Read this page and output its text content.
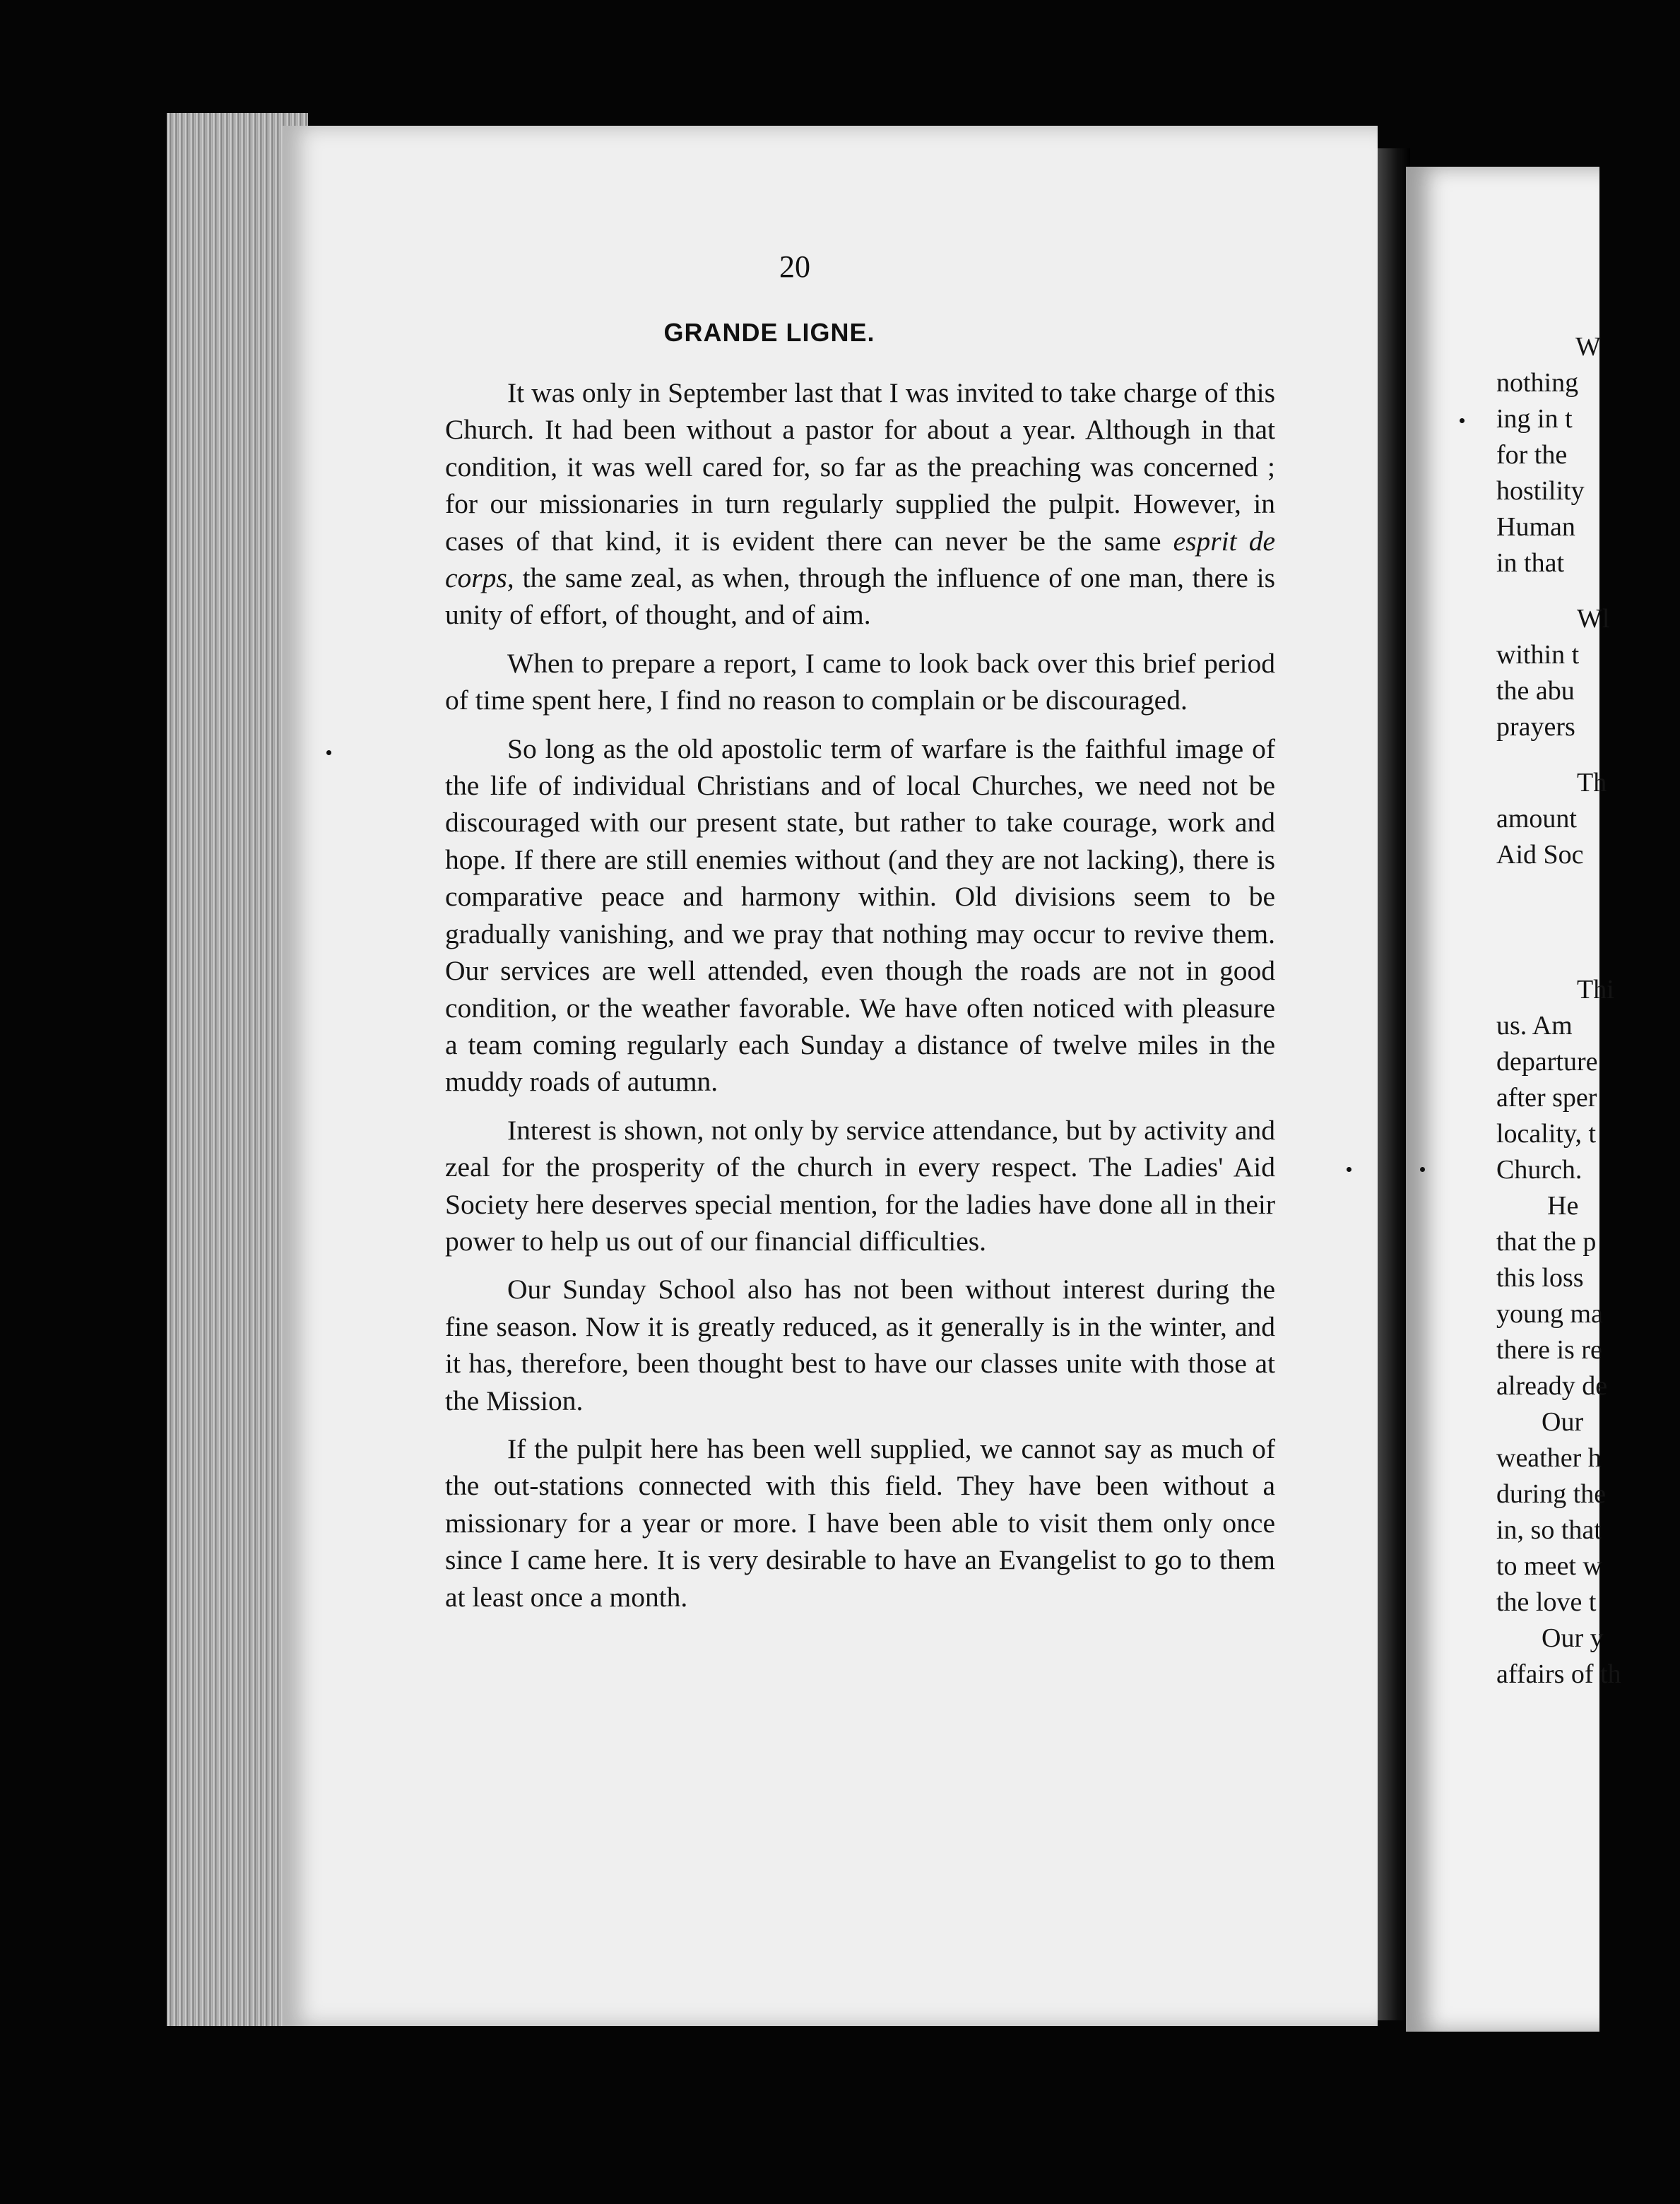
20
GRANDE LIGNE.

It was only in September last that I was invited to take charge of this Church. It had been without a pastor for about a year. Although in that condition, it was well cared for, so far as the preaching was concerned ; for our missionaries in turn regularly supplied the pulpit. However, in cases of that kind, it is evident there can never be the same esprit de corps, the same zeal, as when, through the influence of one man, there is unity of effort, of thought, and of aim.

When to prepare a report, I came to look back over this brief period of time spent here, I find no reason to complain or be discouraged.

So long as the old apostolic term of warfare is the faithful image of the life of individual Christians and of local Churches, we need not be discouraged with our present state, but rather to take courage, work and hope. If there are still enemies without (and they are not lacking), there is comparative peace and harmony within. Old divisions seem to be gradually vanishing, and we pray that nothing may occur to revive them. Our services are well attended, even though the roads are not in good condition, or the weather favorable. We have often noticed with pleasure a team coming regularly each Sunday a distance of twelve miles in the muddy roads of autumn.

Interest is shown, not only by service attendance, but by activity and zeal for the prosperity of the church in every respect. The Ladies' Aid Society here deserves special mention, for the ladies have done all in their power to help us out of our financial difficulties.

Our Sunday School also has not been without interest during the fine season. Now it is greatly reduced, as it generally is in the winter, and it has, therefore, been thought best to have our classes unite with those at the Mission.

If the pulpit here has been well supplied, we cannot say as much of the out-stations connected with this field. They have been without a missionary for a year or more. I have been able to visit them only once since I came here. It is very desirable to have an Evangelist to go to them at least once a month.

W
nothing
ing in t
for the
hostility
Human
in that
Wl
within t
the abu
prayers
Th
amount
Aid Soc
Thi
us. Am
departure
after sper
locality, t
Church.
He
that the p
this loss
young ma
there is re
already de
Our
weather h
during the
in, so that
to meet w
the love t
Our y
affairs of th
